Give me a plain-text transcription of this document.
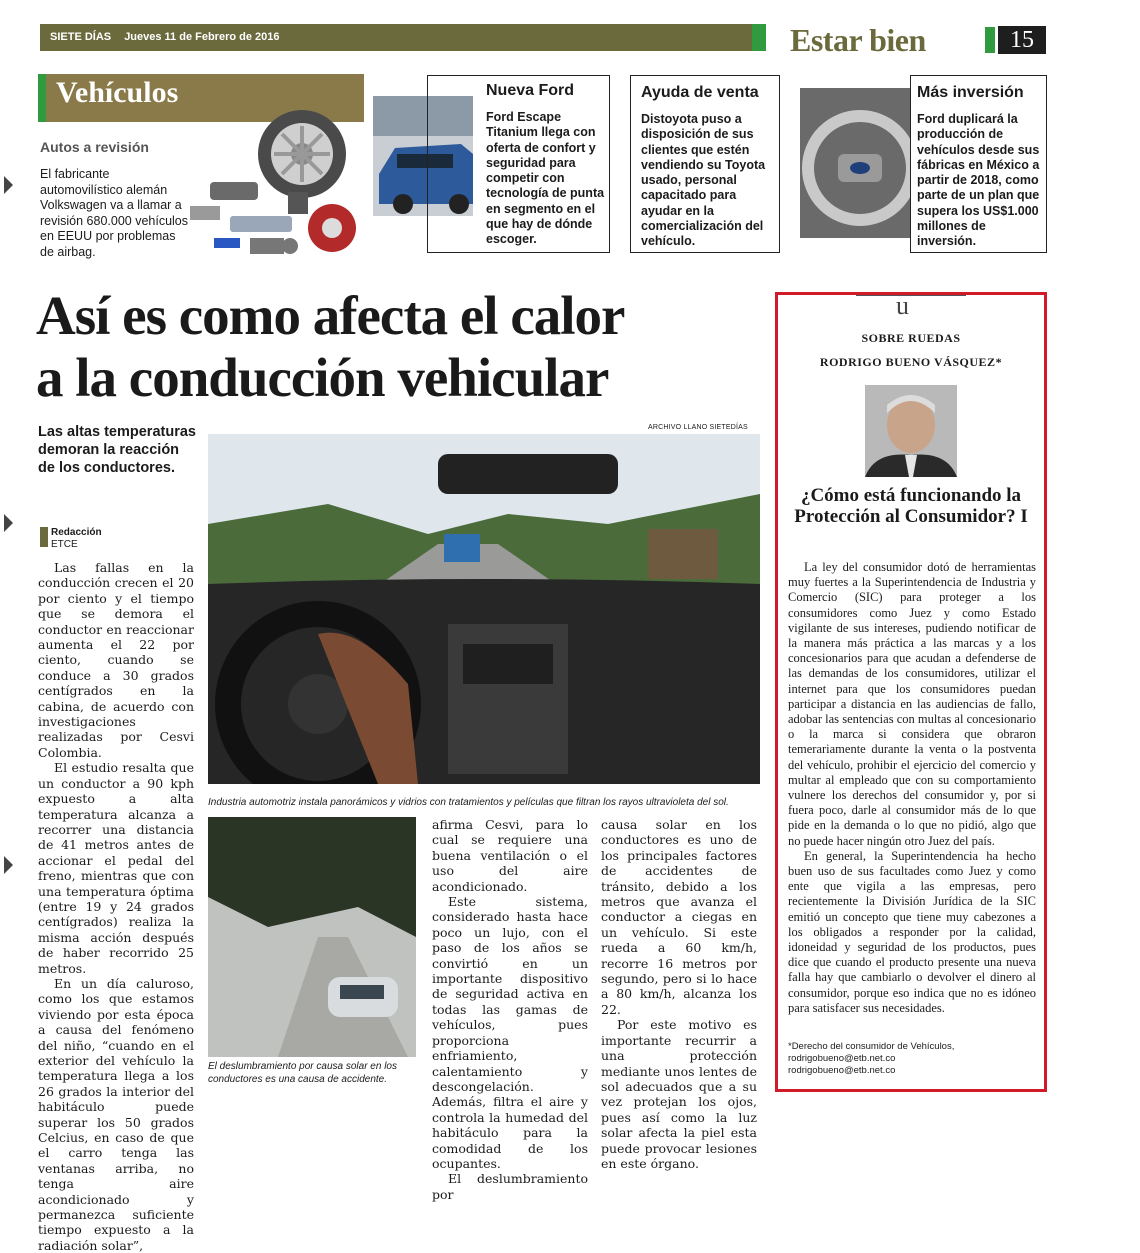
SIETE DÍAS Jueves 11 de Febrero de 2016	Estar bien	15
Vehículos
Autos a revisión
El fabricante automovilístico alemán Volkswagen va a llamar a revisión 680.000 vehículos en EEUU por problemas de airbag.
Nueva Ford
Ford Escape Titanium llega con oferta de confort y seguridad para competir con tecnología de punta en segmento en el que hay de dónde escoger.
Ayuda de venta
Distoyota puso a disposición de sus clientes que estén vendiendo su Toyota usado, personal capacitado para ayudar en la comercialización del vehículo.
Más inversión
Ford duplicará la producción de vehículos desde sus fábricas en México a partir de 2018, como parte de un plan que supera los US$1.000 millones de inversión.
Así es como afecta el calor
a la conducción vehicular
Las altas temperaturas demoran la reacción de los conductores.
Redacción
ETCE
ARCHIVO LLANO SIETEDÍAS
Industria automotriz instala panorámicos y vidrios con tratamientos y películas que filtran los rayos ultravioleta del sol.

Las fallas en la conducción crecen el 20 por ciento y el tiempo que se demora el conductor en reaccionar aumenta el 22 por ciento, cuando se conduce a 30 grados centígrados en la cabina, de acuerdo con investigaciones realizadas por Cesvi Colombia.

El estudio resalta que un conductor a 90 kph expuesto a alta temperatura alcanza a recorrer una distancia de 41 metros antes de accionar el pedal del freno, mientras que con una temperatura óptima (entre 19 y 24 grados centígrados) realiza la misma acción después de haber recorrido 25 metros.

En un día caluroso, como los que estamos viviendo por esta época a causa del fenómeno del niño, “cuando en el exterior del vehículo la temperatura llega a los 26 grados la interior del habitáculo puede superar los 50 grados Celcius, en caso de que el carro tenga las ventanas arriba, no tenga aire acondicionado y permanezca suficiente tiempo expuesto a la radiación solar”,

El deslumbramiento por causa solar en los conductores es una causa de accidente.

afirma Cesvi, para lo cual se requiere una buena ventilación o el uso del aire acondicionado.

Este sistema, considerado hasta hace poco un lujo, con el paso de los años se convirtió en un importante dispositivo de seguridad activa en todas las gamas de vehículos, pues proporciona enfriamiento, calentamiento y descongelación. Además, filtra el aire y controla la humedad del habitáculo para la comodidad de los ocupantes.

El deslumbramiento por

causa solar en los conductores es uno de los principales factores de accidentes de tránsito, debido a los metros que avanza el conductor a ciegas en un vehículo. Si este rueda a 60 km/h, recorre 16 metros por segundo, pero si lo hace a 80 km/h, alcanza los 22.

Por este motivo es importante recurrir a una protección mediante unos lentes de sol adecuados que a su vez protejan los ojos, pues así como la luz solar afecta la piel esta puede provocar lesiones en este órgano.

u
SOBRE RUEDAS
RODRIGO BUENO VÁSQUEZ*
¿Cómo está funcionando la Protección al Consumidor? I

La ley del consumidor dotó de herramientas muy fuertes a la Superintendencia de Industria y Comercio (SIC) para proteger a los consumidores como Juez y como Estado vigilante de sus intereses, pudiendo notificar de la manera más práctica a las marcas y a los concesionarios para que acudan a defenderse de las demandas de los consumidores, utilizar el internet para que los consumidores puedan participar a distancia en las audiencias de fallo, adobar las sentencias con multas al concesionario o la marca si considera que obraron temerariamente durante la venta o la postventa del vehículo, prohibir el ejercicio del comercio y multar al empleado que con su comportamiento vulnere los derechos del consumidor y, por si fuera poco, darle al consumidor más de lo que pide en la demanda o lo que no pidió, algo que no puede hacer ningún otro Juez del país.

En general, la Superintendencia ha hecho buen uso de sus facultades como Juez y como ente que vigila a las empresas, pero recientemente la División Jurídica de la SIC emitió un concepto que tiene muy cabezones a los obligados a responder por la calidad, idoneidad y seguridad de los productos, pues dice que cuando el producto presente una nueva falla hay que cambiarlo o devolver el dinero al consumidor, porque eso indica que no es idóneo para satisfacer sus necesidades.

*Derecho del consumidor de Vehículos,
rodrigobueno@etb.net.co
rodrigobueno@etb.net.co
